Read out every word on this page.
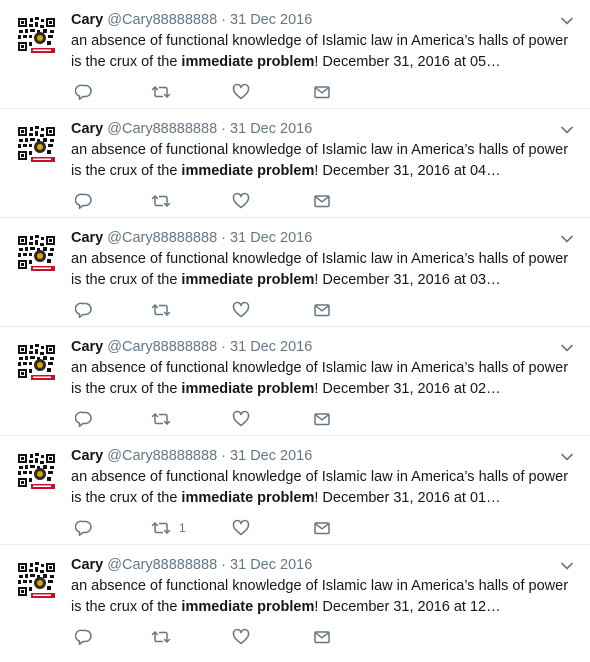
Cary @Cary88888888 · 31 Dec 2016
an absence of functional knowledge of Islamic law in America’s halls of power is the crux of the immediate problem! December 31, 2016 at 05…
Cary @Cary88888888 · 31 Dec 2016
an absence of functional knowledge of Islamic law in America’s halls of power is the crux of the immediate problem! December 31, 2016 at 04…
Cary @Cary88888888 · 31 Dec 2016
an absence of functional knowledge of Islamic law in America’s halls of power is the crux of the immediate problem! December 31, 2016 at 03…
Cary @Cary88888888 · 31 Dec 2016
an absence of functional knowledge of Islamic law in America’s halls of power is the crux of the immediate problem! December 31, 2016 at 02…
Cary @Cary88888888 · 31 Dec 2016
an absence of functional knowledge of Islamic law in America’s halls of power is the crux of the immediate problem! December 31, 2016 at 01…
1
Cary @Cary88888888 · 31 Dec 2016
an absence of functional knowledge of Islamic law in America’s halls of power is the crux of the immediate problem! December 31, 2016 at 12…
